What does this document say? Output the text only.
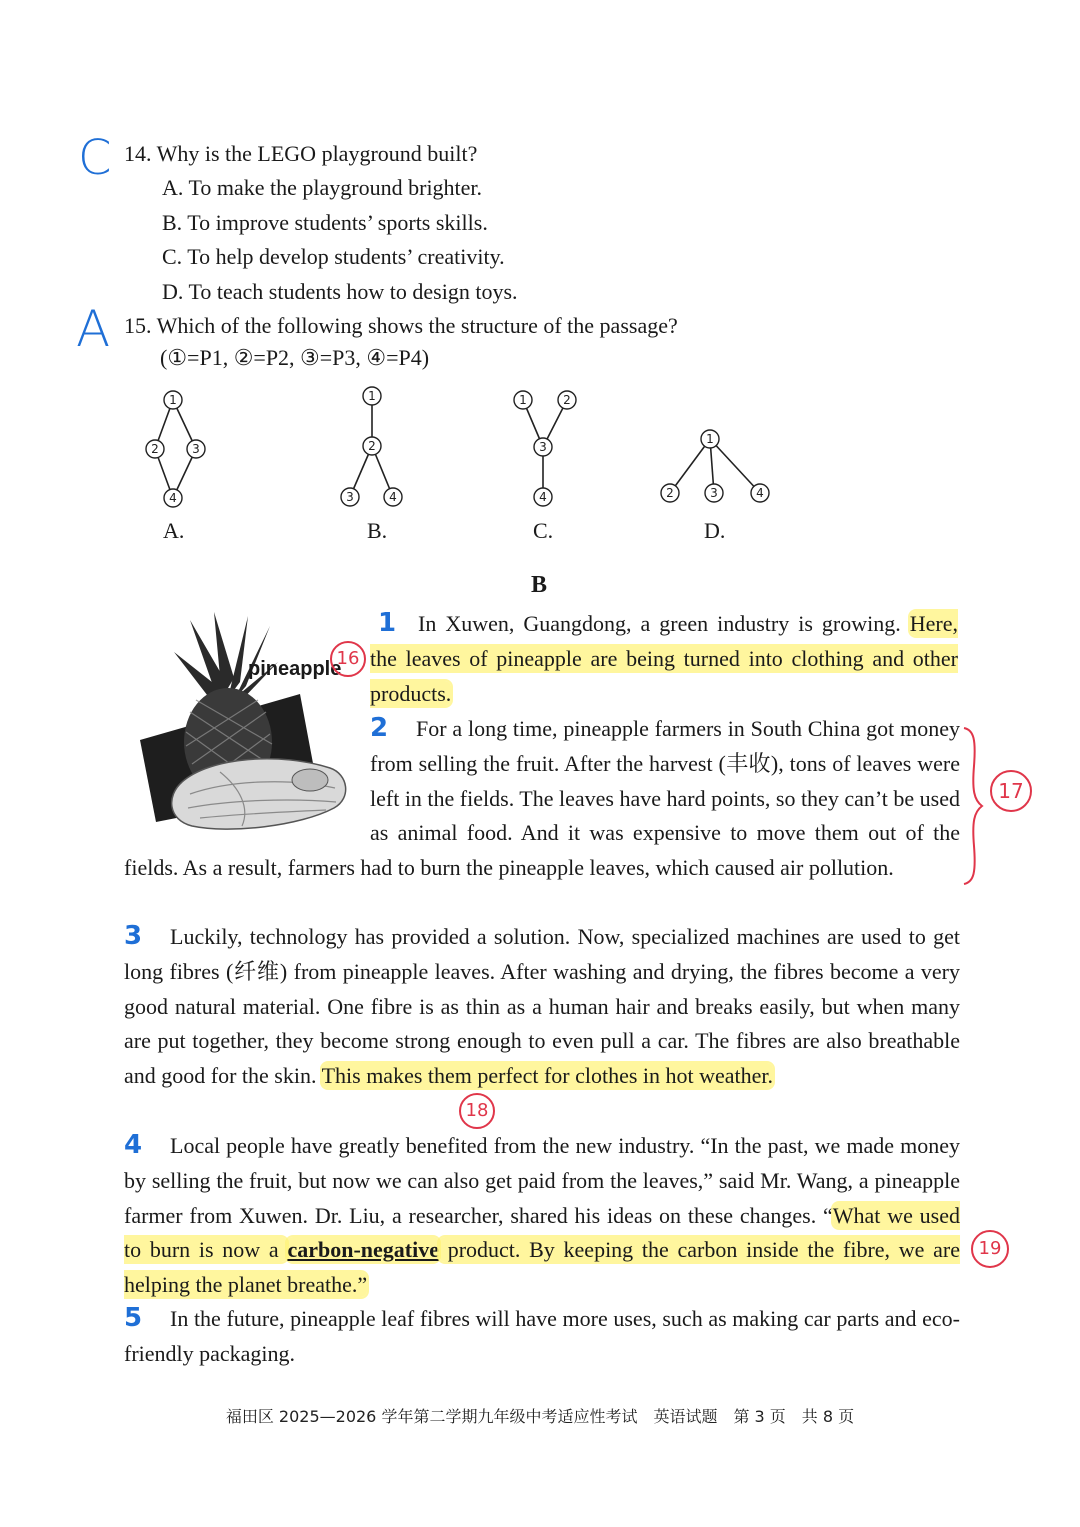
C 14. Why is the LEGO playground built?
A. To make the playground brighter.
B. To improve students’ sports skills.
C. To help develop students’ creativity.
D. To teach students how to design toys.
A 15. Which of the following shows the structure of the passage?
(①=P1, ②=P2, ③=P3, ④=P4)
1
2	3
4
1
2
3	4
1	2
3
4
1
2	3	4
A.	B.	C.	D.
B
pineapple

1 In Xuwen, Guangdong, a green industry is growing. Here, the leaves of pineapple are being turned into clothing and other products.

16

2 For a long time, pineapple farmers in South China got money from selling the fruit. After the harvest (丰收), tons of leaves were left in the fields. The leaves have hard points, so they can’t be used as animal food. And it was expensive to move them out of the fields. As a result, farmers had to burn the pineapple leaves, which caused air pollution.

17

3 Luckily, technology has provided a solution. Now, specialized machines are used to get long fibres (纤维) from pineapple leaves. After washing and drying, the fibres become a very good natural material. One fibre is as thin as a human hair and breaks easily, but when many are put together, they become strong enough to even pull a car. The fibres are also breathable and good for the skin. This makes them perfect for clothes in hot weather.

18

4 Local people have greatly benefited from the new industry. “In the past, we made money by selling the fruit, but now we can also get paid from the leaves,” said Mr. Wang, a pineapple farmer from Xuwen. Dr. Liu, a researcher, shared his ideas on these changes. “What we used to burn is now a carbon-negative product. By keeping the carbon inside the fibre, we are helping the planet breathe.”

19

5 In the future, pineapple leaf fibres will have more uses, such as making car parts and eco-friendly packaging.

福田区 2025—2026 学年第二学期九年级中考适应性考试　英语试题　第 3 页　共 8 页
